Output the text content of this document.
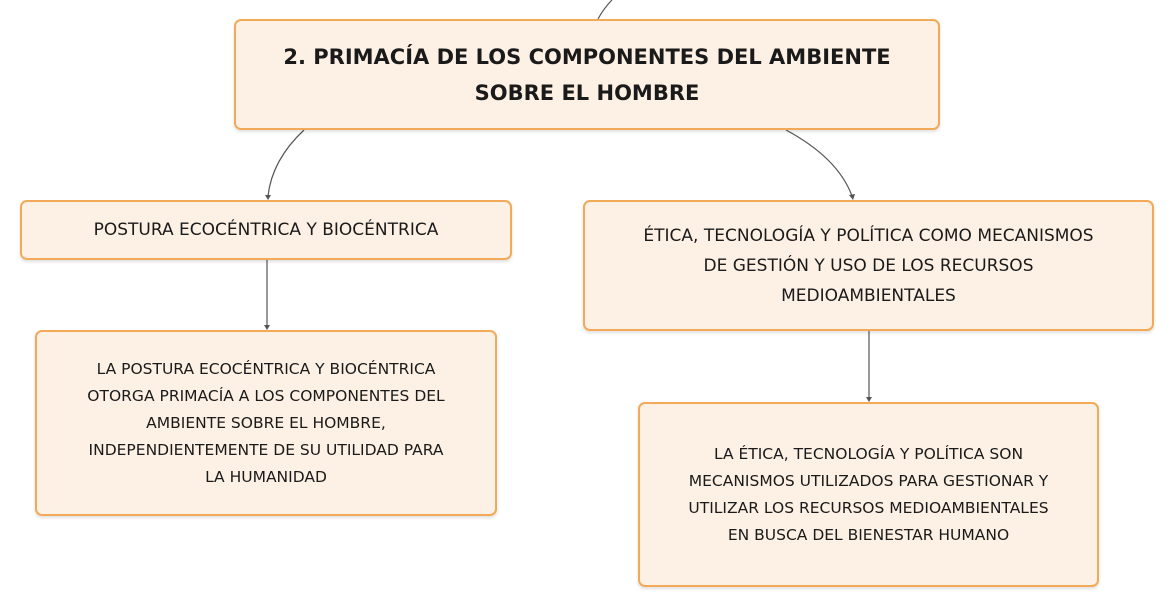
2. PRIMACÍA DE LOS COMPONENTES DEL AMBIENTE
SOBRE EL HOMBRE
POSTURA ECOCÉNTRICA Y BIOCÉNTRICA	ÉTICA, TECNOLOGÍA Y POLÍTICA COMO MECANISMOS
DE GESTIÓN Y USO DE LOS RECURSOS
MEDIOAMBIENTALES
LA POSTURA ECOCÉNTRICA Y BIOCÉNTRICA
OTORGA PRIMACÍA A LOS COMPONENTES DEL
AMBIENTE SOBRE EL HOMBRE,
INDEPENDIENTEMENTE DE SU UTILIDAD PARA
LA HUMANIDAD
LA ÉTICA, TECNOLOGÍA Y POLÍTICA SON
MECANISMOS UTILIZADOS PARA GESTIONAR Y
UTILIZAR LOS RECURSOS MEDIOAMBIENTALES
EN BUSCA DEL BIENESTAR HUMANO
